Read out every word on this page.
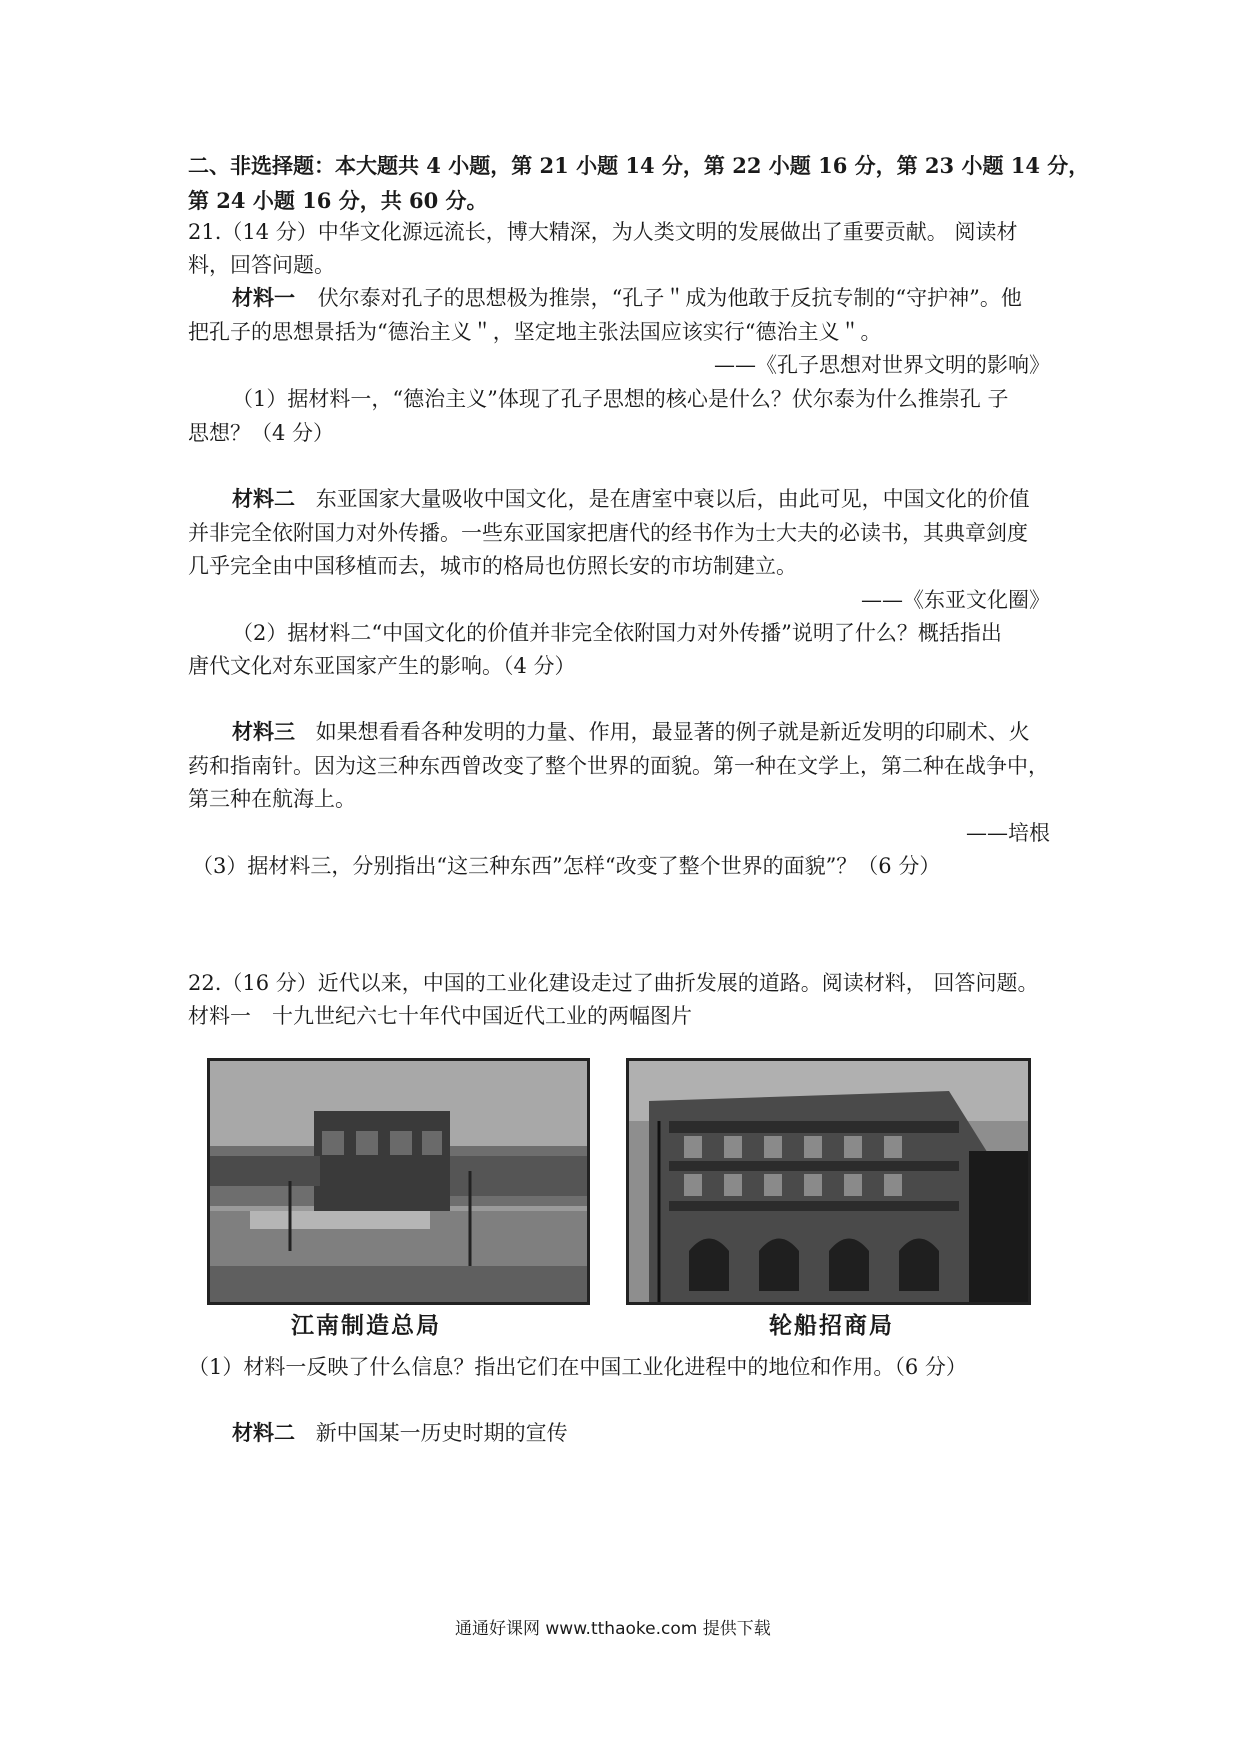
二、非选择题：本大题共 4 小题，第 21 小题 14 分，第 22 小题 16 分，第 23 小题 14 分，
第 24 小题 16 分，共 60 分。
21.（14 分）中华文化源远流长，博大精深，为人类文明的发展做出了重要贡献。 阅读材
料，回答问题。
材料一 伏尔泰对孔子的思想极为推崇，“孔子＂成为他敢于反抗专制的“守护神”。他
把孔子的思想景括为“德治主义＂，坚定地主张法国应该实行“德治主义＂。
——《孔子思想对世界文明的影响》
（1）据材料一，“德治主义”体现了孔子思想的核心是什么？伏尔泰为什么推崇孔 子
思想？（4 分）
材料二 东亚国家大量吸收中国文化，是在唐室中衰以后，由此可见，中国文化的价值
并非完全依附国力对外传播。一些东亚国家把唐代的经书作为士大夫的必读书，其典章剑度
几乎完全由中国移植而去，城市的格局也仿照长安的市坊制建立。
——《东亚文化圈》
（2）据材料二“中国文化的价值并非完全依附国力对外传播”说明了什么？概括指出
唐代文化对东亚国家产生的影响。（4 分）
材料三 如果想看看各种发明的力量、作用，最显著的例子就是新近发明的印刷术、火
药和指南针。因为这三种东西曾改变了整个世界的面貌。第一种在文学上，第二种在战争中，
第三种在航海上。
——培根
（3）据材料三，分别指出“这三种东西”怎样“改变了整个世界的面貌”？（6 分）
22.（16 分）近代以来，中国的工业化建设走过了曲折发展的道路。阅读材料， 回答问题。
材料一　十九世纪六七十年代中国近代工业的两幅图片
江南制造总局	轮船招商局
（1）材料一反映了什么信息？指出它们在中国工业化进程中的地位和作用。（6 分）
材料二 新中国某一历史时期的宣传
通通好课网 www.tthaoke.com 提供下载
